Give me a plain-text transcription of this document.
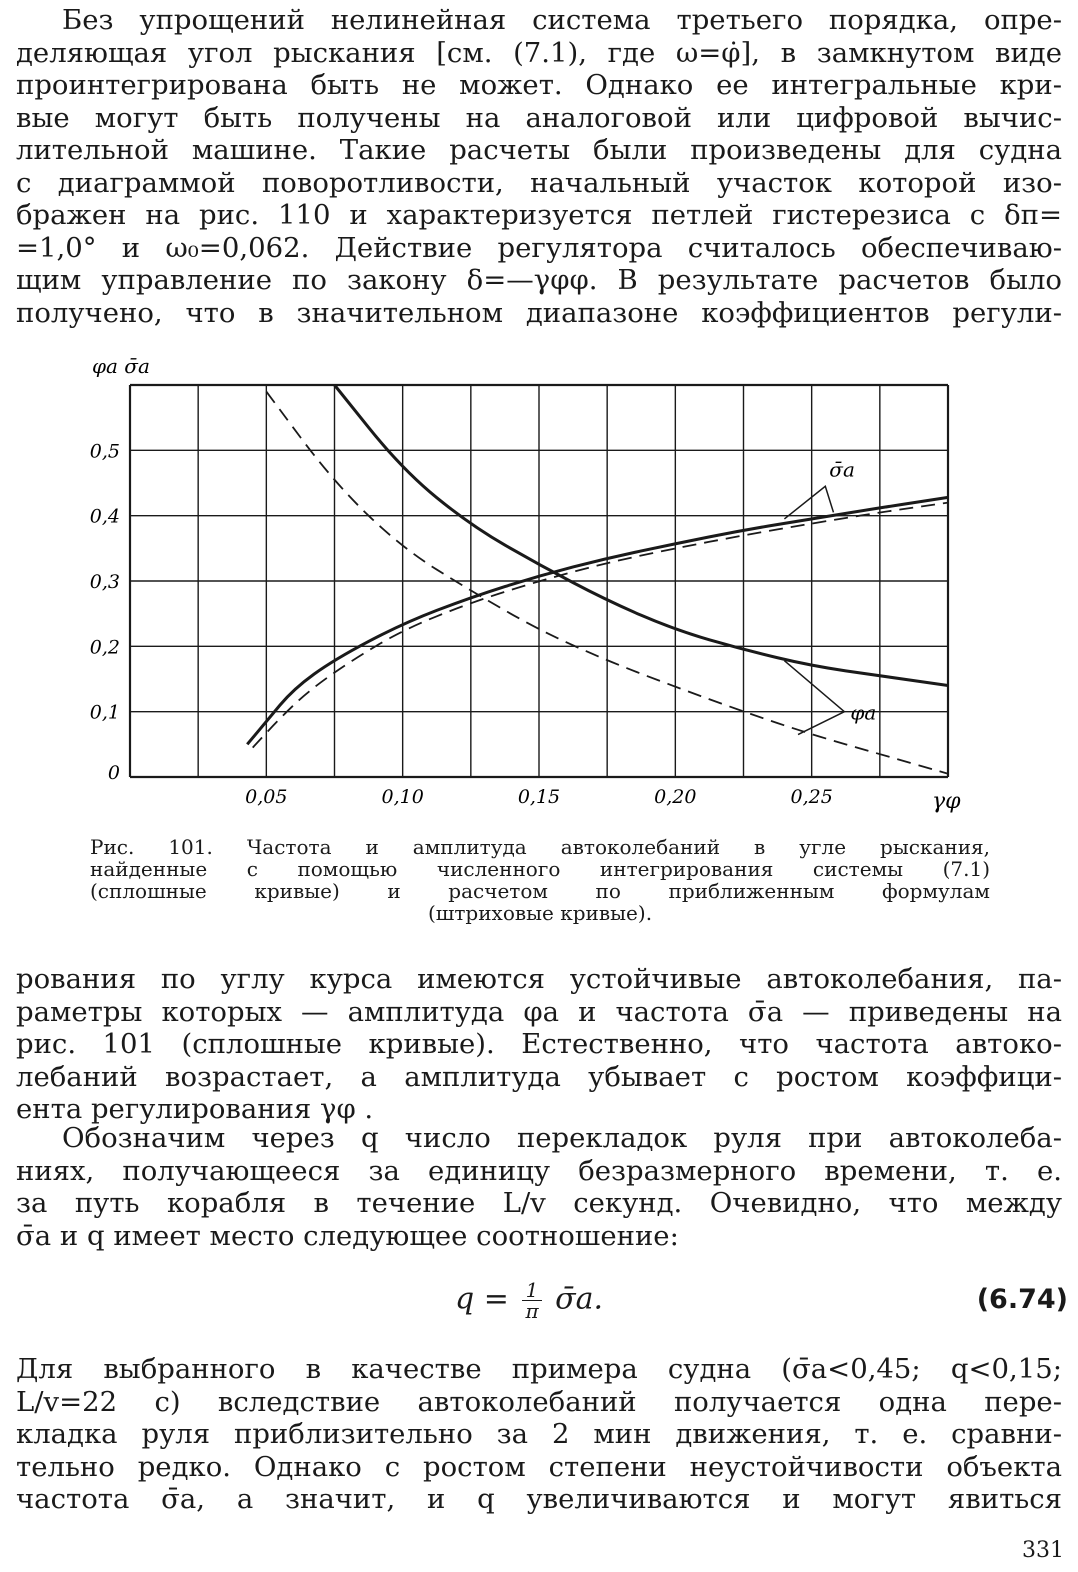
Без упрощений нелинейная система третьего порядка, опре-
деляющая угол рыскания [см. (7.1), где ω=φ̇], в замкнутом виде
проинтегрирована быть не может. Однако ее интегральные кри-
вые могут быть получены на аналоговой или цифровой вычис-
лительной машине. Такие расчеты были произведены для судна
с диаграммой поворотливости, начальный участок которой изо-
бражен на рис. 110 и характеризуется петлей гистерезиса с δп=
=1,0° и ω₀=0,062. Действие регулятора считалось обеспечиваю-
щим управление по закону δ=—γφφ. В результате расчетов было
получено, что в значительном диапазоне коэффициентов регули-
0,05	0,10	0,15	0,20	0,25
0
0,1
0,2
0,3
0,4
0,5
φa σ̄a
γφ
σ̄a
φa
Рис. 101. Частота и амплитуда автоколебаний в угле рыскания,
найденные с помощью численного интегрирования системы (7.1)
(сплошные кривые) и расчетом по приближенным формулам
(штриховые кривые).
рования по углу курса имеются устойчивые автоколебания, па-
раметры которых — амплитуда φa и частота σ̄a — приведены на
рис. 101 (сплошные кривые). Естественно, что частота автоко-
лебаний возрастает, а амплитуда убывает с ростом коэффици-
ента регулирования γφ .
Обозначим через q число перекладок руля при автоколеба-
ниях, получающееся за единицу безразмерного времени, т. е.
за путь корабля в течение L/v секунд. Очевидно, что между
σ̄a и q имеет место следующее соотношение:
$q = \frac{1}{\pi}$ σ̄a.	(6.74)
Для выбранного в качестве примера судна (σ̄a<0,45; q<0,15;
L/v=22 с) вследствие автоколебаний получается одна пере-
кладка руля приблизительно за 2 мин движения, т. е. сравни-
тельно редко. Однако с ростом степени неустойчивости объекта
частота σ̄a, а значит, и q увеличиваются и могут явиться
331
